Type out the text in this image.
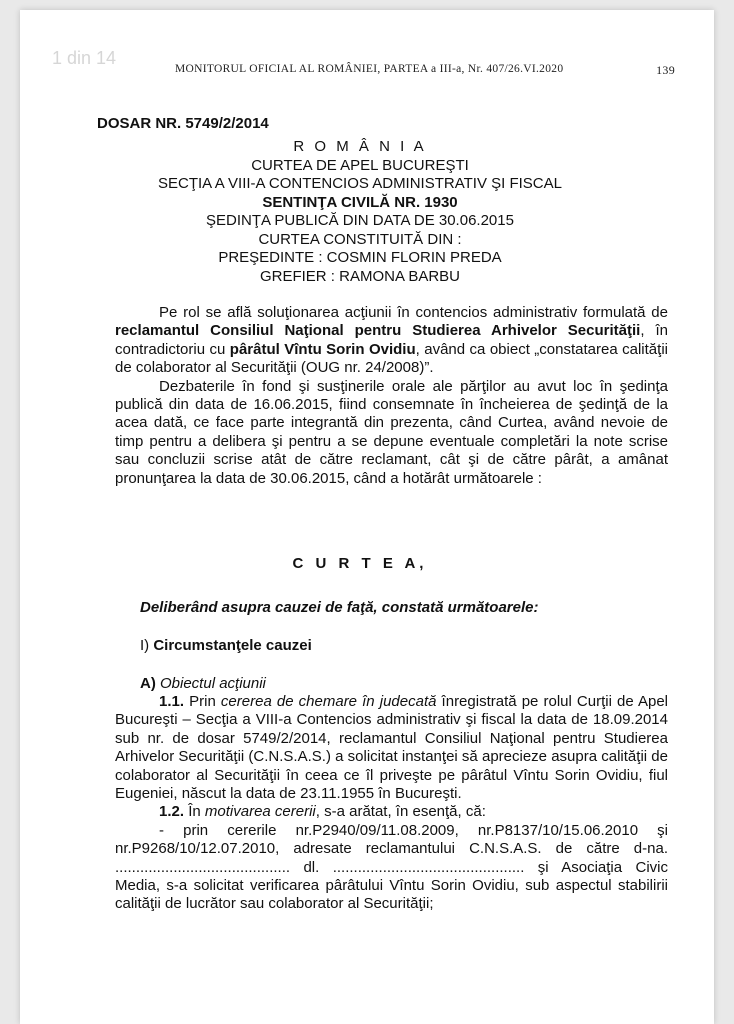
1 din 14
MONITORUL OFICIAL AL ROMÂNIEI, PARTEA a III-a, Nr. 407/26.VI.2020	139
DOSAR NR. 5749/2/2014
R O M Â N I A
CURTEA DE APEL BUCUREŞTI
SECŢIA A VIII-A CONTENCIOS ADMINISTRATIV ŞI FISCAL
SENTINŢA CIVILĂ NR. 1930
ŞEDINŢA PUBLICĂ DIN DATA DE 30.06.2015
CURTEA CONSTITUITĂ DIN :
PREŞEDINTE : COSMIN FLORIN PREDA
GREFIER : RAMONA BARBU

Pe rol se află soluţionarea acţiunii în contencios administrativ formulată de reclamantul Consiliul Naţional pentru Studierea Arhivelor Securităţii, în contradictoriu cu pârâtul Vîntu Sorin Ovidiu, având ca obiect „constatarea calităţii de colaborator al Securităţii (OUG nr. 24/2008)”.

Dezbaterile în fond şi susţinerile orale ale părţilor au avut loc în şedinţa publică din data de 16.06.2015, fiind consemnate în încheierea de şedinţă de la acea dată, ce face parte integrantă din prezenta, când Curtea, având nevoie de timp pentru a delibera şi pentru a se depune eventuale completări la note scrise sau concluzii scrise atât de către reclamant, cât şi de către pârât, a amânat pronunţarea la data de 30.06.2015, când a hotărât următoarele :

C U R T E A,
Deliberând asupra cauzei de faţă, constată următoarele:
I) Circumstanţele cauzei
A) Obiectul acţiunii

1.1. Prin cererea de chemare în judecată înregistrată pe rolul Curţii de Apel Bucureşti – Secţia a VIII-a Contencios administrativ şi fiscal la data de 18.09.2014 sub nr. de dosar 5749/2/2014, reclamantul Consiliul Naţional pentru Studierea Arhivelor Securităţii (C.N.S.A.S.) a solicitat instanţei să aprecieze asupra calităţii de colaborator al Securităţii în ceea ce îl priveşte pe pârâtul Vîntu Sorin Ovidiu, fiul Eugeniei, născut la data de 23.11.1955 în Bucureşti.

1.2. În motivarea cererii, s-a arătat, în esenţă, că:

- prin cererile nr.P2940/09/11.08.2009, nr.P8137/10/15.06.2010 şi nr.P9268/10/12.07.2010, adresate reclamantului C.N.S.A.S. de către d-na. .......................................... dl. .............................................. şi Asociaţia Civic Media, s-a solicitat verificarea pârâtului Vîntu Sorin Ovidiu, sub aspectul stabilirii calităţii de lucrător sau colaborator al Securităţii;
